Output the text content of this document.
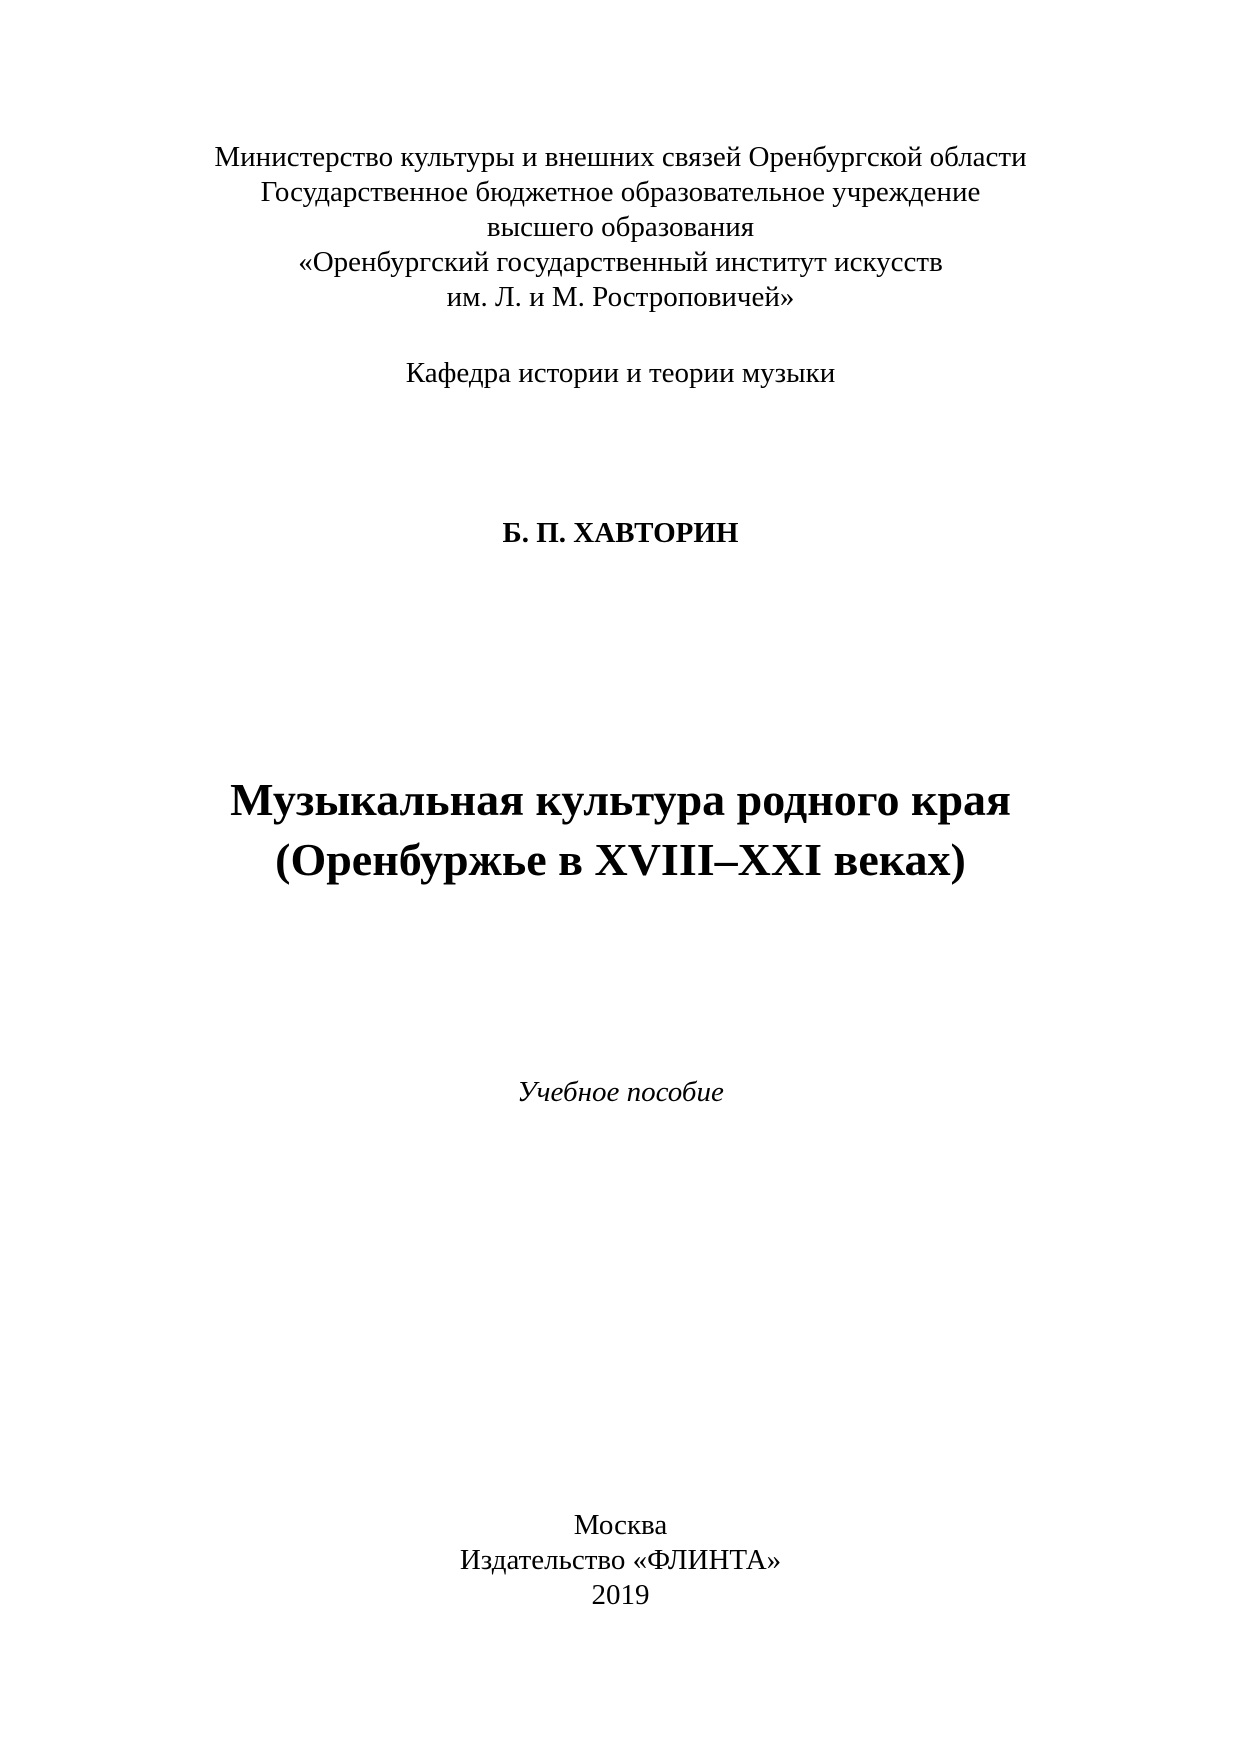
Министерство культуры и внешних связей Оренбургской области
Государственное бюджетное образовательное учреждение
высшего образования
«Оренбургский государственный институт искусств
им. Л. и М. Ростроповичей»
Кафедра истории и теории музыки
Б. П. ХАВТОРИН
Музыкальная культура родного края
(Оренбуржье в XVIII–XXI веках)
Учебное пособие
Москва
Издательство «ФЛИНТА»
2019
